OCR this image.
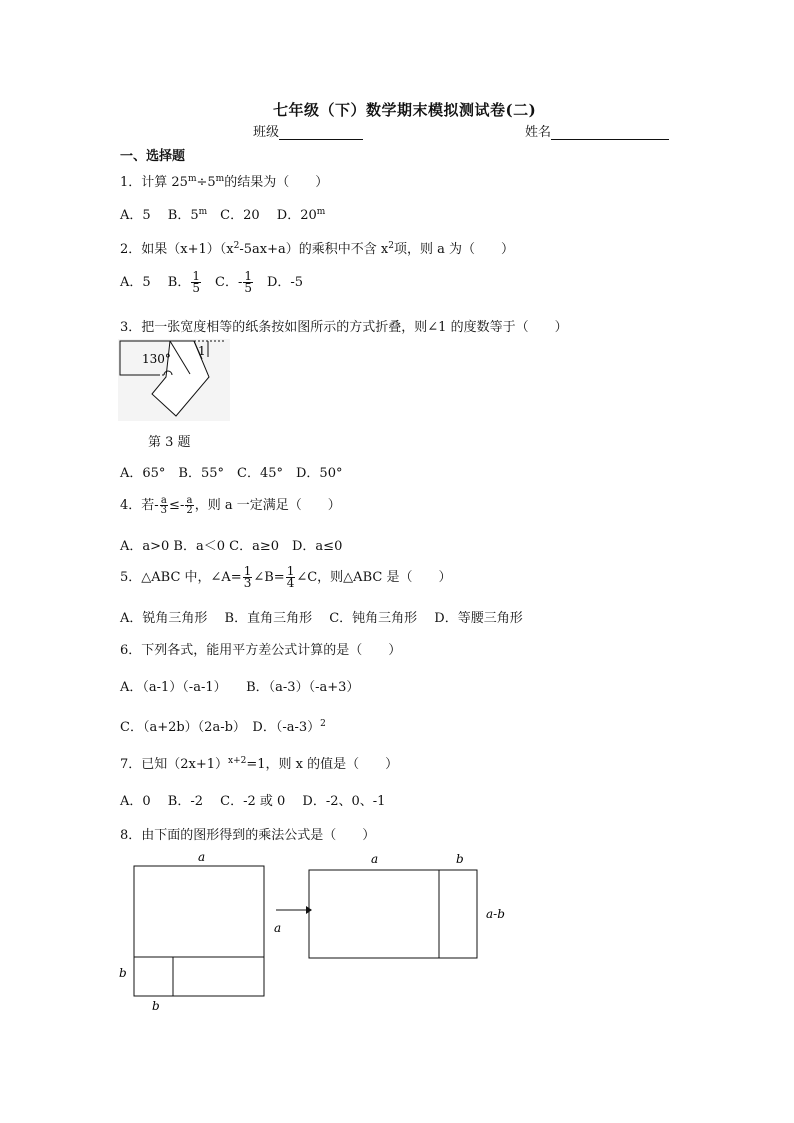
七年级（下）数学期末模拟测试卷(二)
班级	姓名
一、选择题
1．计算 $25^m\div 5^m$的结果为（　　）
A．5　 B．5$^m$　C．20　 D．20$^m$
2．如果$(x+1)(x^2-5ax+a)$的乘积中不含 $x^2$项，则 a 为（　　）
A．5　 B． $\frac{1}{5}$ 　C．- $\frac{1}{5}$ 　D．-5
3．把一张宽度相等的纸条按如图所示的方式折叠，则∠1 的度数等于（　　）
130°
1
第 3 题
A．65°　B．55°　C．45°　D．50°
4．若- $\frac{a}{3} \le- \frac{a}{2}$ ，则 a 一定满足（　　）
A．a>0 B．a＜0 C．a≥0　D．a≤0
5．△ABC 中，∠A= $\frac{1}{3}$ ∠B= $\frac{1}{4}$ ∠C，则△ABC 是（　　）
A．锐角三角形　 B．直角三角形　 C．钝角三角形　 D．等腰三角形
6．下列各式，能用平方差公式计算的是（　　）
A．（a-1）（-a-1）　　B．（a-3）（-a+3）
C．（a+2b）（2a-b）　D．$(-a-3)^2$
7．已知$(2x+1)^{x+2}=1$，则 x 的值是（　　）
A．0　 B．-2　 C．-2 或 0　 D．-2、0、-1
8．由下面的图形得到的乘法公式是（　　）
a
b
b
a
a	b
a-b
